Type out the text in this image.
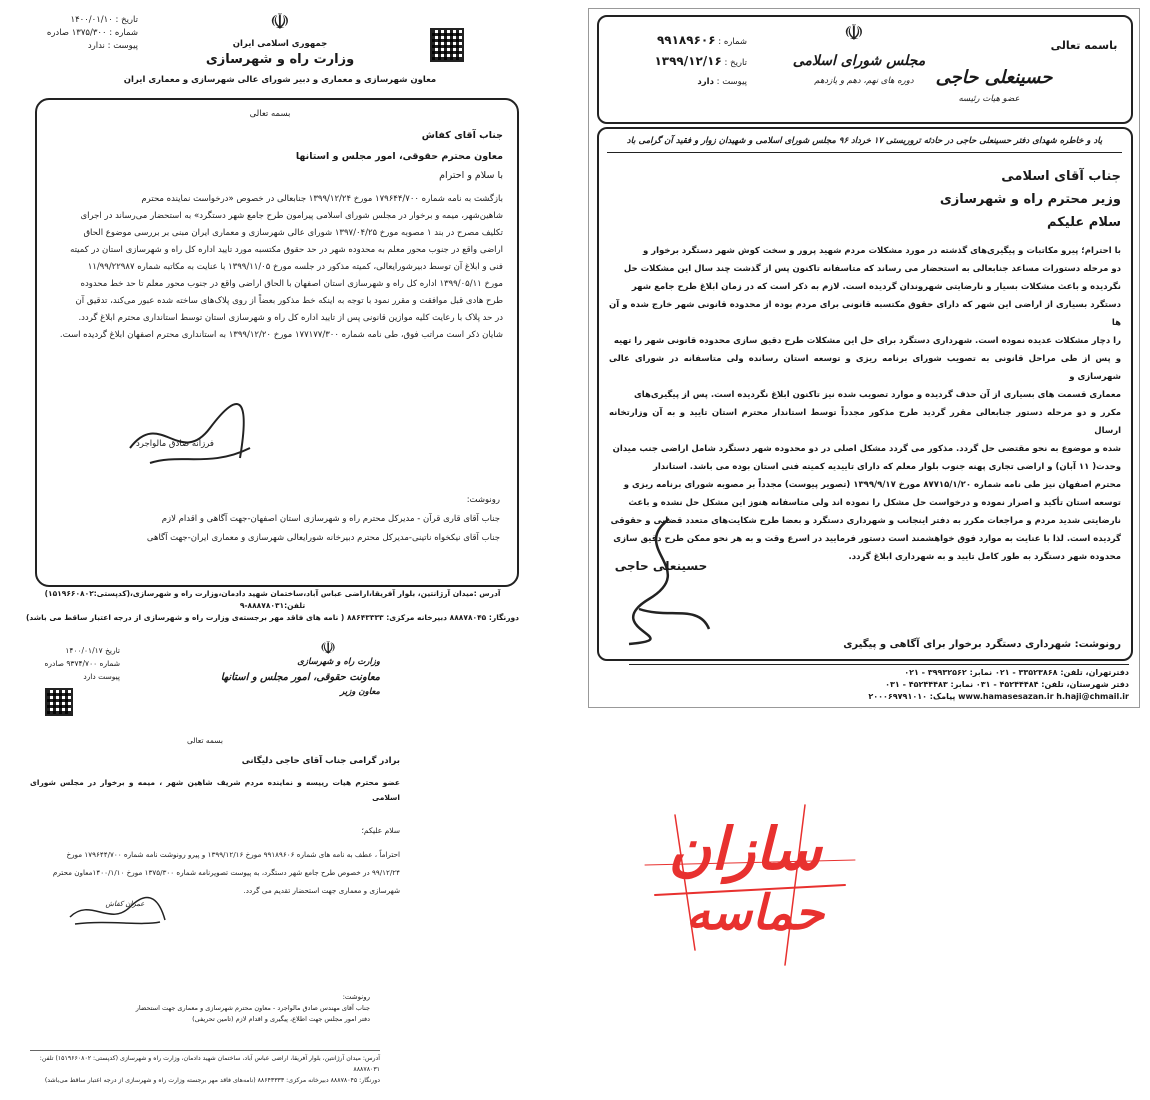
تاریخ : ۱۴۰۰/۰۱/۱۰
شماره : ۱۳۷۵/۳۰۰ صادره
پیوست : ندارد
☫
جمهوری اسلامی ایران
وزارت راه و شهرسازی
معاون شهرسازی و معماری و دبیر شورای عالی شهرسازی و معماری ایران
بسمه تعالی

جناب آقای کفاش

معاون محترم حقوقی، امور مجلس و استانها

با سلام و احترام

بازگشت به نامه شماره ۱۷۹۶۴۴/۷۰۰ مورخ ۱۳۹۹/۱۲/۲۴ جنابعالی در خصوص «درخواست نماینده محترم

شاهین‌شهر، میمه و برخوار در مجلس شورای اسلامی پیرامون طرح جامع شهر دستگرد» به استحضار می‌رساند در اجرای

تکلیف مصرح در بند ۱ مصوبه مورخ ۱۳۹۷/۰۴/۲۵ شورای عالی شهرسازی و معماری ایران مبنی بر بررسی موضوع الحاق

اراضی واقع در جنوب محور معلم به محدوده شهر در حد حقوق مکتسبه مورد تایید اداره کل راه و شهرسازی استان در کمیته

فنی و ابلاغ آن توسط دبیرشورایعالی، کمیته مذکور در جلسه مورخ ۱۳۹۹/۱۱/۰۵ با عنایت به مکاتبه شماره ۱۱/۹۹/۲۲۹۸۷

مورخ ۱۳۹۹/۰۵/۱۱ اداره کل راه و شهرسازی استان اصفهان با الحاق اراضی واقع در جنوب محور معلم تا حد خط محدوده

طرح هادی قبل موافقت و مقرر نمود با توجه به اینکه خط مذکور بعضاً از روی پلاک‌های ساخته شده عبور می‌کند، تدقیق آن

در حد پلاک با رعایت کلیه موازین قانونی پس از تایید اداره کل راه و شهرسازی استان توسط استانداری محترم ابلاغ گردد.

شایان ذکر است مراتب فوق، طی نامه شماره ۱۷۷۱۷۷/۳۰۰ مورخ ۱۳۹۹/۱۲/۲۰ به استانداری محترم اصفهان ابلاغ گردیده است.

فرزانه صادق مالواجرد

رونوشت:

جناب آقای قاری قرآن - مدیرکل محترم راه و شهرسازی استان اصفهان-جهت آگاهی و اقدام لازم

جناب آقای نیکخواه ناتینی-مدیرکل محترم دبیرخانه شورایعالی شهرسازی و معماری ایران-جهت آگاهی

آدرس :میدان آرژانتین، بلوار آفریقا،اراضی عباس آباد،ساختمان شهید دادمان،وزارت راه و شهرسازی،(کدپستی:۱۵۱۹۶۶۰۸۰۲) تلفن:۸۸۸۷۸۰۳۱-۹

دورنگار: ۸۸۸۷۸۰۴۵ دبیرخانه مرکزی: ۸۸۶۴۳۳۳۳ ( نامه های فاقد مهر برجسته‌ی وزارت راه و شهرسازی از درجه اعتبار ساقط می باشد)

باسمه تعالی
شماره : ۹۹۱۸۹۶۰۶
تاریخ : ۱۳۹۹/۱۲/۱۶
پیوست : دارد
☫
مجلس شورای اسلامی
حسینعلی حاجی
عضو هیات رئیسه
دوره های نهم، دهم و یازدهم
یاد و خاطره شهدای دفتر حسینعلی حاجی در حادثه تروریستی ۱۷ خرداد ۹۶ مجلس شورای اسلامی و شهیدان زوار و فقید آن گرامی باد

جناب آقای اسلامی

وزیر محترم راه و شهرسازی

سلام علیکم

با احترام؛ پیرو مکاتبات و پیگیری‌های گذشته در مورد مشکلات مردم شهید پرور و سخت کوش شهر دستگرد برخوار و

دو مرحله دستورات مساعد جنابعالی به استحضار می رساند که متاسفانه تاکنون پس از گذشت چند سال این مشکلات حل

نگردیده و باعث مشکلات بسیار و نارضایتی شهروندان گردیده است. لازم به ذکر است که در زمان ابلاغ طرح جامع شهر

دستگرد بسیاری از اراضی این شهر که دارای حقوق مکتسبه قانونی برای مردم بوده از محدوده قانونی شهر خارج شده و آن ها

را دچار مشکلات عدیده نموده است. شهرداری دستگرد برای حل این مشکلات طرح دقیق سازی محدوده قانونی شهر را تهیه

و پس از طی مراحل قانونی به تصویب شورای برنامه ریزی و توسعه استان رسانده ولی متاسفانه در شورای عالی شهرسازی و

معماری قسمت های بسیاری از آن حذف گردیده و موارد تصویب شده نیز تاکنون ابلاغ نگردیده است. پس از پیگیری‌های

مکرر و دو مرحله دستور جنابعالی مقرر گردید طرح مذکور مجدداً توسط استاندار محترم استان تایید و به آن وزارتخانه ارسال

شده و موضوع به نحو مقتضی حل گردد. مذکور می گردد مشکل اصلی در دو محدوده شهر دستگرد شامل اراضی جنب میدان

وحدت( ۱۱ آبان) و اراضی تجاری پهنه جنوب بلوار معلم که دارای تاییدیه کمیته فنی استان بوده می باشد. استاندار

محترم اصفهان نیز طی نامه شماره ۸۷۷۱۵/۱/۲۰ مورخ ۱۳۹۹/۹/۱۷ (تصویر پیوست) مجدداً بر مصوبه شورای برنامه ریزی و

توسعه استان تأکید و اصرار نموده و درخواست حل مشکل را نموده اند ولی متاسفانه هنوز این مشکل حل نشده و باعث

نارضایتی شدید مردم و مراجعات مکرر به دفتر اینجانب و شهرداری دستگرد و بعضا طرح شکایت‌های متعدد قضایی و حقوقی

گردیده است. لذا با عنایت به موارد فوق خواهشمند است دستور فرمایید در اسرع وقت و به هر نحو ممکن طرح دقیق سازی

محدوده شهر دستگرد به طور کامل تایید و به شهرداری ابلاغ گردد.

حسینعلی حاجی
رونوشت: شهرداری دستگرد برخوار برای آگاهی و پیگیری

دفترتهران، تلفن: ۳۳۵۲۳۸۶۸ - ۰۲۱ نمابر: ۳۹۹۳۲۵۶۲ - ۰۲۱

دفتر شهرستان، تلفن: ۴۵۲۴۴۴۸۴ - ۰۳۱ نمابر: ۴۵۲۴۴۴۸۳ - ۰۳۱

www.hamasesazan.ir h.haji@chmail.ir پیامک: ۲۰۰۰۶۹۷۹۱۰۱۰

تاریخ ۱۴۰۰/۰۱/۱۷
شماره ۹۳۷۴/۷۰۰ صادره
پیوست دارد
☫
وزارت راه و شهرسازی
معاونت حقوقی، امور مجلس و استانها
معاون وزیر
بسمه تعالی

برادر گرامی جناب آقای حاجی دلیگانی

عضو محترم هیات رییسه و نماینده مردم شریف شاهین شهر ، میمه و برخوار در مجلس شورای اسلامی

سلام علیکم؛

احتراماً ، عطف به نامه های شماره ۹۹۱۸۹۶۰۶ مورخ ۱۳۹۹/۱۲/۱۶ و پیرو رونوشت نامه شماره ۱۷۹۶۴۴/۷۰۰ مورخ

۹۹/۱۲/۲۴ در خصوص طرح جامع شهر دستگرد، به پیوست تصویرنامه شماره ۱۳۷۵/۳۰۰ مورخ ۱۴۰۰/۱/۱۰معاون محترم

شهرسازی و معماری جهت استحضار تقدیم می گردد.

عمران کفاش

رونوشت:

جناب آقای مهندس صادق مالواجرد - معاون محترم شهرسازی و معماری جهت استحضار

دفتر امور مجلس جهت اطلاع، پیگیری و اقدام لازم (تامین تحریفی)

آدرس: میدان آرژانتین، بلوار آفریقا، اراضی عباس آباد، ساختمان شهید دادمان، وزارت راه و شهرسازی (کدپستی: ۱۵۱۹۶۶۰۸۰۲) تلفن: ۸۸۸۷۸۰۳۱

دورنگار: ۸۸۸۷۸۰۴۵ دبیرخانه مرکزی: ۸۸۶۴۳۳۳۳ (نامه‌های فاقد مهر برجسته وزارت راه و شهرسازی از درجه اعتبار ساقط می‌باشد)

سازان
حماسه
